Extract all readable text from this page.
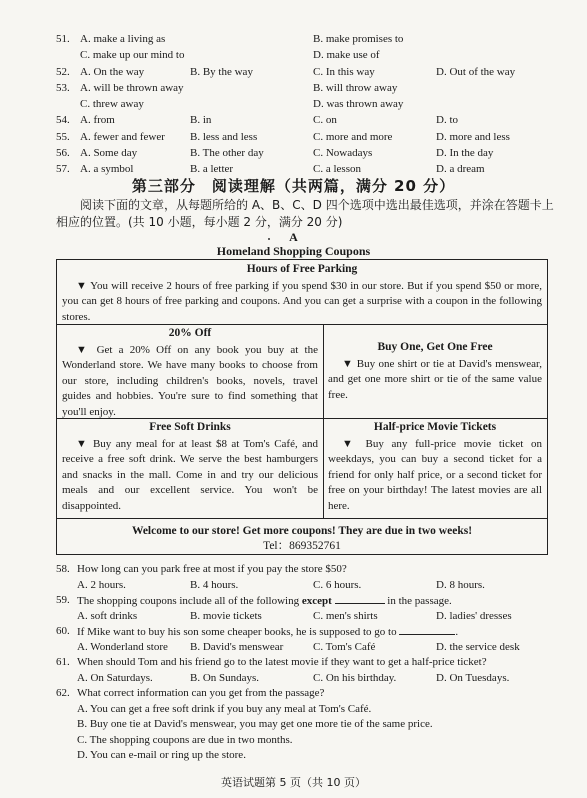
51. A. make a living as	B. make promises to
C. make up our mind to	D. make use of
52. A. On the way	B. By the way	C. In this way	D. Out of the way
53. A. will be thrown away	B. will throw away
C. threw away	D. was thrown away
54. A. from	B. in	C. on	D. to
55. A. fewer and fewer B. less and less	C. more and more	D. more and less
56. A. Some day	B. The other day	C. Nowadays	D. In the day
57. A. a symbol	B. a letter	C. a lesson	D. a dream
第三部分　阅读理解（共两篇，满分 20 分）
阅读下面的文章，从每题所给的 A、B、C、D 四个选项中选出最佳选项，并涂在答题卡上相应的位置。(共 10 小题，每小题 2 分，满分 20 分)
A
Homeland Shopping Coupons
Hours of Free Parking

▼ You will receive 2 hours of free parking if you spend $30 in our store. But if you spend $50 or more, you can get 8 hours of free parking and coupons. And you can get a surprise with a coupon in the following stores.

20% Off

▼ Get a 20% Off on any book you buy at the Wonderland store. We have many books to choose from our store, including children's books, novels, travel guides and hobbies. You're sure to find something that you'll enjoy.

Buy One, Get One Free

▼ Buy one shirt or tie at David's menswear, and get one more shirt or tie of the same value free.

Free Soft Drinks

▼ Buy any meal for at least $8 at Tom's Café, and receive a free soft drink. We serve the best hamburgers and snacks in the mall. Come in and try our delicious meals and our excellent service. You won't be disappointed.

Half-price Movie Tickets

▼ Buy any full-price movie ticket on weekdays, you can buy a second ticket for a friend for only half price, or a second ticket for free on your birthday! The latest movies are all here.

Welcome to our store! Get more coupons! They are due in two weeks!
Tel：869352761
58. How long can you park free at most if you pay the store $50?
A. 2 hours.	B. 4 hours.	C. 6 hours.	D. 8 hours.
59. The shopping coupons include all of the following except	in the passage.
A. soft drinks	B. movie tickets	C. men's shirts	D. ladies' dresses
60. If Mike want to buy his son some cheaper books, he is supposed to go to	.
A. Wonderland store B. David's menswear	C. Tom's Café	D. the service desk
61. When should Tom and his friend go to the latest movie if they want to get a half-price ticket?
A. On Saturdays.	B. On Sundays.	C. On his birthday.	D. On Tuesdays.
62. What correct information can you get from the passage?
A. You can get a free soft drink if you buy any meal at Tom's Café.
B. Buy one tie at David's menswear, you may get one more tie of the same price.
C. The shopping coupons are due in two months.
D. You can e-mail or ring up the store.
英语试题第 5 页（共 10 页）
